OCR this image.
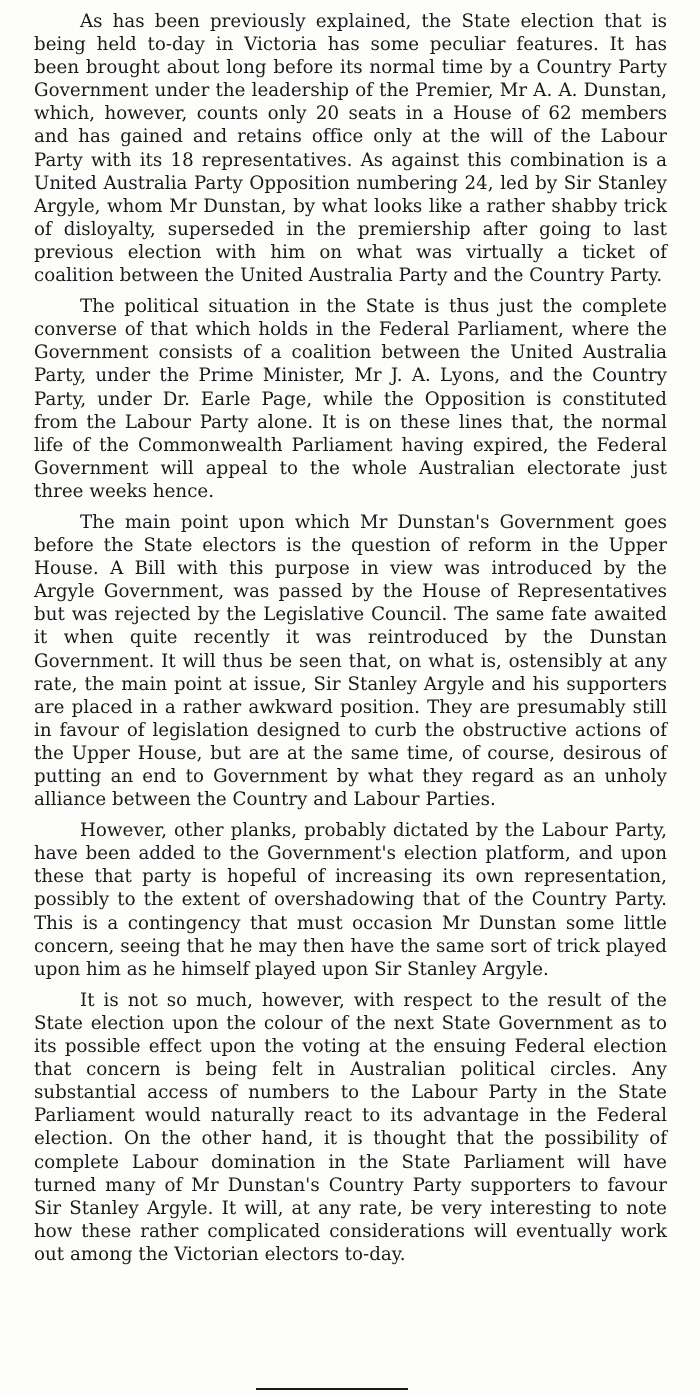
As has been previously explained, the State election that is being held to-day in Victoria has some peculiar features. It has been brought about long before its normal time by a Country Party Government under the leadership of the Premier, Mr A. A. Dunstan, which, however, counts only 20 seats in a House of 62 members and has gained and retains office only at the will of the Labour Party with its 18 representatives. As against this combination is a United Australia Party Opposition numbering 24, led by Sir Stanley Argyle, whom Mr Dunstan, by what looks like a rather shabby trick of disloyalty, superseded in the premiership after going to last previous election with him on what was virtually a ticket of coalition between the United Australia Party and the Country Party.

The political situation in the State is thus just the complete converse of that which holds in the Federal Parliament, where the Government consists of a coalition between the United Australia Party, under the Prime Minister, Mr J. A. Lyons, and the Country Party, under Dr. Earle Page, while the Opposition is constituted from the Labour Party alone. It is on these lines that, the normal life of the Commonwealth Parliament having expired, the Federal Government will appeal to the whole Australian electorate just three weeks hence.

The main point upon which Mr Dunstan's Government goes before the State electors is the question of reform in the Upper House. A Bill with this purpose in view was introduced by the Argyle Government, was passed by the House of Representatives but was rejected by the Legislative Council. The same fate awaited it when quite recently it was reintroduced by the Dunstan Government. It will thus be seen that, on what is, ostensibly at any rate, the main point at issue, Sir Stanley Argyle and his supporters are placed in a rather awkward position. They are presumably still in favour of legislation designed to curb the obstructive actions of the Upper House, but are at the same time, of course, desirous of putting an end to Government by what they regard as an unholy alliance between the Country and Labour Parties.

However, other planks, probably dictated by the Labour Party, have been added to the Government's election platform, and upon these that party is hopeful of increasing its own representation, possibly to the extent of overshadowing that of the Country Party. This is a contingency that must occasion Mr Dunstan some little concern, seeing that he may then have the same sort of trick played upon him as he himself played upon Sir Stanley Argyle.

It is not so much, however, with respect to the result of the State election upon the colour of the next State Government as to its possible effect upon the voting at the ensuing Federal election that concern is being felt in Australian political circles. Any substantial access of numbers to the Labour Party in the State Parliament would naturally react to its advantage in the Federal election. On the other hand, it is thought that the possibility of complete Labour domination in the State Parliament will have turned many of Mr Dunstan's Country Party supporters to favour Sir Stanley Argyle. It will, at any rate, be very interesting to note how these rather complicated considerations will eventually work out among the Victorian electors to-day.
